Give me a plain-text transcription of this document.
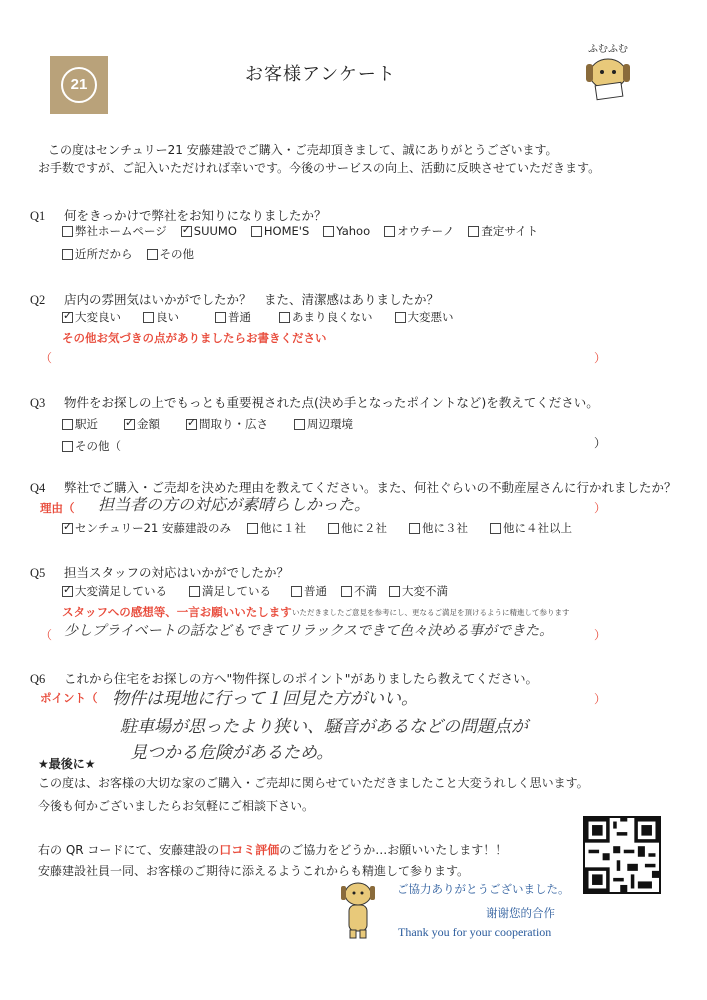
21	お客様アンケート
ふむふむ
この度はセンチュリー21 安藤建設でご購入・ご売却頂きまして、誠にありがとうございます。
お手数ですが、ご記入いただければ幸いです。今後のサービスの向上、活動に反映させていただきます。
Q1 何をきっかけで弊社をお知りになりましたか？
弊社ホームページ ✓ SUUMO HOME'S Yahoo オウチーノ 査定サイト
近所だから その他
Q2 店内の雰囲気はいかがでしたか？　また、清潔感はありましたか？
✓
大変良い	良い	普通	あまり良くない	大変悪い
その他お気づきの点がありましたらお書きください
（	）
Q3 物件をお探しの上でもっとも重要視された点(決め手となったポイントなど)を教えてください。
駅近 ✓	金額 ✓	間取り・広さ	周辺環境
その他（	）
Q4 弊社でご購入・ご売却を決めた理由を教えてください。また、何社ぐらいの不動産屋さんに行かれましたか？
理由（ 担当者の方の対応が素晴らしかった。	）
✓
センチュリー21 安藤建設のみ	他に１社	他に２社	他に３社	他に４社以上
Q5 担当スタッフの対応はいかがでしたか？
✓
大変満足している	満足している	普通 不満 大変不満
スタッフへの感想等、一言お願いいたします いただきましたご意見を参考にし、更なるご満足を頂けるように精進して参ります
（ 少しプライベートの話などもできてリラックスできて色々決める事ができた。	）
Q6 これから住宅をお探しの方へ"物件探しのポイント"がありましたら教えてください。
ポイント（ 物件は現地に行って１回見た方がいい。
駐車場が思ったより狭い、騒音があるなどの問題点が
見つかる危険があるため。
）
★最後に★
この度は、お客様の大切な家のご購入・ご売却に関らせていただきましたこと大変うれしく思います。
今後も何かございましたらお気軽にご相談下さい。
右の QR コードにて、安藤建設の口コミ評価のご協力をどうか…お願いいたします！！
安藤建設社員一同、お客様のご期待に添えるようこれからも精進して参ります。
ご協力ありがとうございました。
谢谢您的合作
Thank you for your cooperation
